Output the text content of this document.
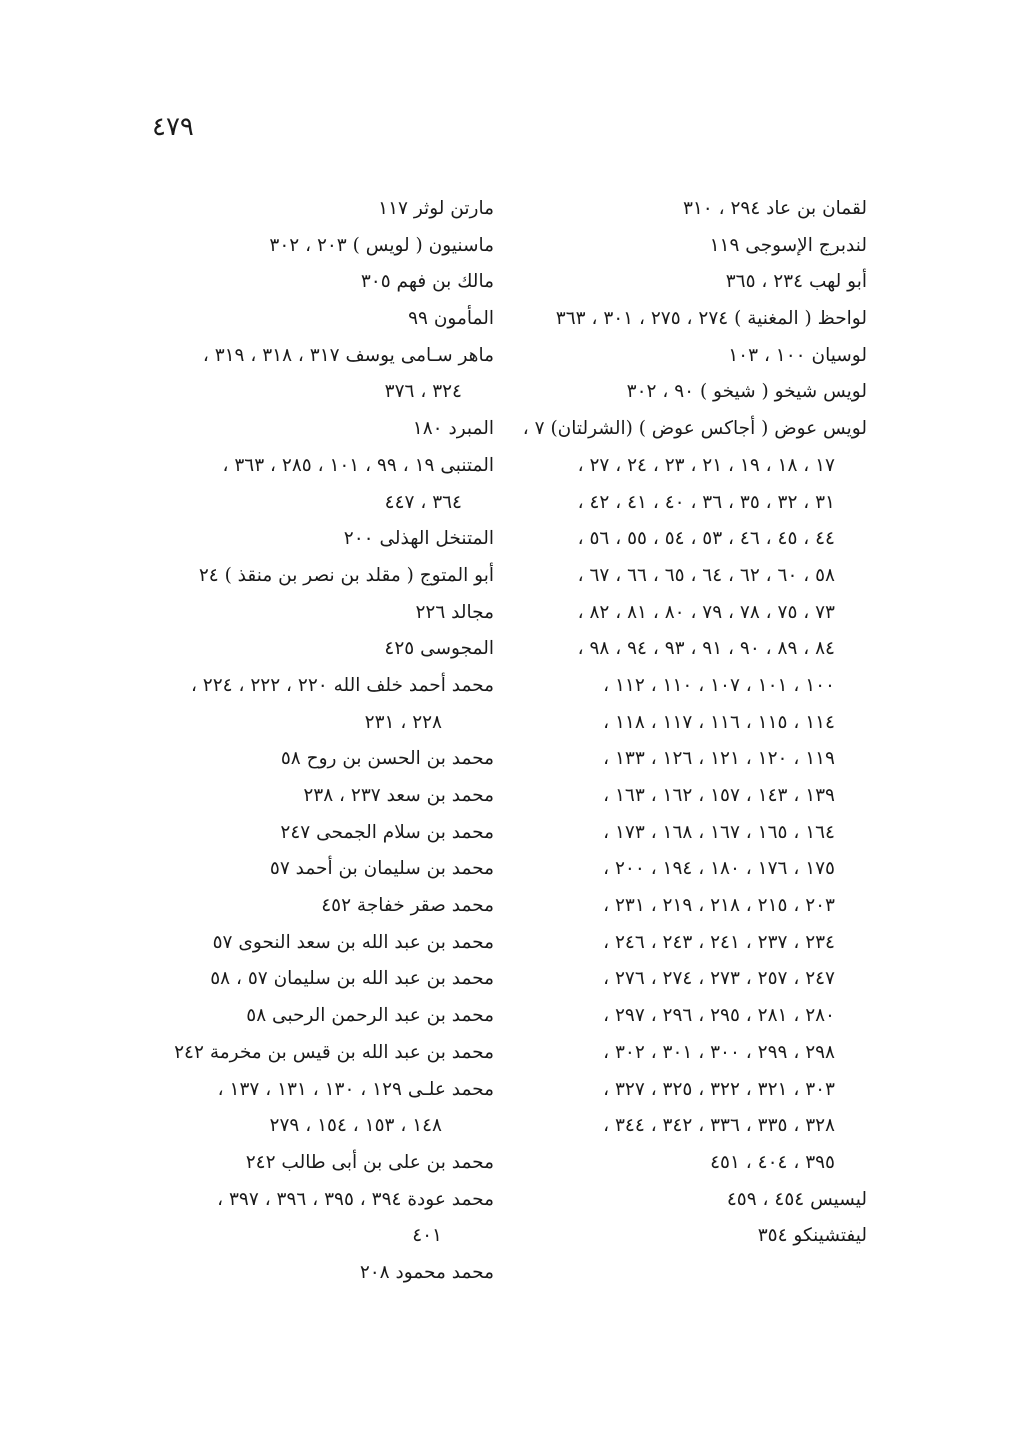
٤٧٩
لقمان بن عاد ٢٩٤ ، ٣١٠
لندبرج الإسوجى ١١٩
أبو لهب ٢٣٤ ، ٣٦٥
لواحظ ( المغنية ) ٢٧٤ ، ٢٧٥ ، ٣٠١ ، ٣٦٣
لوسيان ١٠٠ ، ١٠٣
لويس شيخو ( شيخو ) ٩٠ ، ٣٠٢
لويس عوض ( أجاكس عوض ) (الشرلتان) ٧ ،
١٧ ، ١٨ ، ١٩ ، ٢١ ، ٢٣ ، ٢٤ ، ٢٧ ،
٣١ ، ٣٢ ، ٣٥ ، ٣٦ ، ٤٠ ، ٤١ ، ٤٢ ،
٤٤ ، ٤٥ ، ٤٦ ، ٥٣ ، ٥٤ ، ٥٥ ، ٥٦ ،
٥٨ ، ٦٠ ، ٦٢ ، ٦٤ ، ٦٥ ، ٦٦ ، ٦٧ ،
٧٣ ، ٧٥ ، ٧٨ ، ٧٩ ، ٨٠ ، ٨١ ، ٨٢ ،
٨٤ ، ٨٩ ، ٩٠ ، ٩١ ، ٩٣ ، ٩٤ ، ٩٨ ،
١٠٠ ، ١٠١ ، ١٠٧ ، ١١٠ ، ١١٢ ،
١١٤ ، ١١٥ ، ١١٦ ، ١١٧ ، ١١٨ ،
١١٩ ، ١٢٠ ، ١٢١ ، ١٢٦ ، ١٣٣ ،
١٣٩ ، ١٤٣ ، ١٥٧ ، ١٦٢ ، ١٦٣ ،
١٦٤ ، ١٦٥ ، ١٦٧ ، ١٦٨ ، ١٧٣ ،
١٧٥ ، ١٧٦ ، ١٨٠ ، ١٩٤ ، ٢٠٠ ،
٢٠٣ ، ٢١٥ ، ٢١٨ ، ٢١٩ ، ٢٣١ ،
٢٣٤ ، ٢٣٧ ، ٢٤١ ، ٢٤٣ ، ٢٤٦ ،
٢٤٧ ، ٢٥٧ ، ٢٧٣ ، ٢٧٤ ، ٢٧٦ ،
٢٨٠ ، ٢٨١ ، ٢٩٥ ، ٢٩٦ ، ٢٩٧ ،
٢٩٨ ، ٢٩٩ ، ٣٠٠ ، ٣٠١ ، ٣٠٢ ،
٣٠٣ ، ٣٢١ ، ٣٢٢ ، ٣٢٥ ، ٣٢٧ ،
٣٢٨ ، ٣٣٥ ، ٣٣٦ ، ٣٤٢ ، ٣٤٤ ،
٣٩٥ ، ٤٠٤ ، ٤٥١
ليسيس ٤٥٤ ، ٤٥٩
ليفتشينكو ٣٥٤
مارتن لوثر ١١٧
ماسنيون ( لويس ) ٢٠٣ ، ٣٠٢
مالك بن فهم ٣٠٥
المأمون ٩٩
ماهر سـامى يوسف ٣١٧ ، ٣١٨ ، ٣١٩ ،
٣٢٤ ، ٣٧٦
المبرد ١٨٠
المتنبى ١٩ ، ٩٩ ، ١٠١ ، ٢٨٥ ، ٣٦٣ ،
٣٦٤ ، ٤٤٧
المتنخل الهذلى ٢٠٠
أبو المتوج ( مقلد بن نصر بن منقذ ) ٢٤
مجالد ٢٢٦
المجوسى ٤٢٥
محمد أحمد خلف الله ٢٢٠ ، ٢٢٢ ، ٢٢٤ ،
٢٢٨ ، ٢٣١
محمد بن الحسن بن روح ٥٨
محمد بن سعد ٢٣٧ ، ٢٣٨
محمد بن سلام الجمحى ٢٤٧
محمد بن سليمان بن أحمد ٥٧
محمد صقر خفاجة ٤٥٢
محمد بن عبد الله بن سعد النحوى ٥٧
محمد بن عبد الله بن سليمان ٥٧ ، ٥٨
محمد بن عبد الرحمن الرحبى ٥٨
محمد بن عبد الله بن قيس بن مخرمة ٢٤٢
محمد علـى ١٢٩ ، ١٣٠ ، ١٣١ ، ١٣٧ ،
١٤٨ ، ١٥٣ ، ١٥٤ ، ٢٧٩
محمد بن على بن أبى طالب ٢٤٢
محمد عودة ٣٩٤ ، ٣٩٥ ، ٣٩٦ ، ٣٩٧ ،
٤٠١
محمد محمود ٢٠٨
